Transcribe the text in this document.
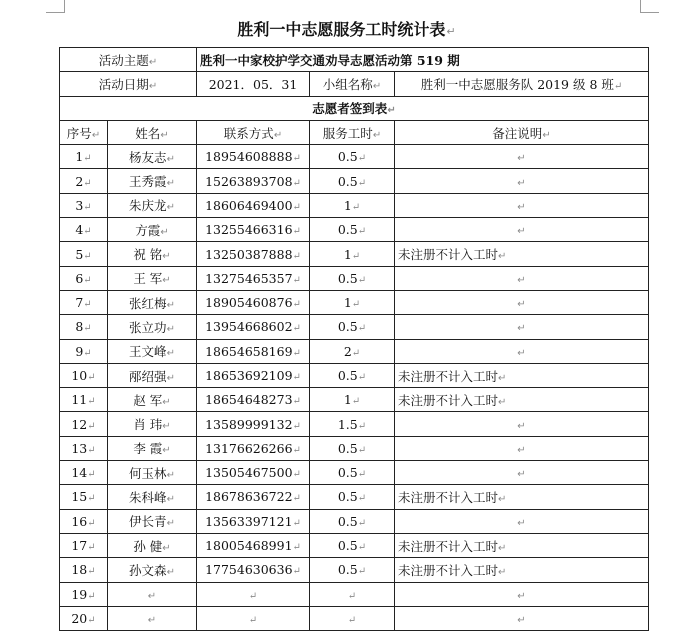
胜利一中志愿服务工时统计表↵
活动主题↵		胜利一中家校护学交通劝导志愿活动第 519 期		
活动日期↵		2021．05．31	小组名称↵	胜利一中志愿服务队 2019 级 8 班↵
志愿者签到表↵				
序号↵	姓名↵	联系方式↵	服务工时↵	备注说明↵
1↵	杨友志↵	18954608888↵	0.5↵	↵
2↵	王秀霞↵	15263893708↵	0.5↵	↵
3↵	朱庆龙↵	18606469400↵	1↵	↵
4↵	方霞↵	13255466316↵	0.5↵	↵
5↵	祝 铭↵	13250387888↵	1↵	未注册不计入工时↵
6↵	王 军↵	13275465357↵	0.5↵	↵
7↵	张红梅↵	18905460876↵	1↵	↵
8↵	张立功↵	13954668602↵	0.5↵	↵
9↵	王文峰↵	18654658169↵	2↵	↵
10↵	邴绍强↵	18653692109↵	0.5↵	未注册不计入工时↵
11↵	赵 军↵	18654648273↵	1↵	未注册不计入工时↵
12↵	肖 玮↵	13589999132↵	1.5↵	↵
13↵	李 霞↵	13176626266↵	0.5↵	↵
14↵	何玉林↵	13505467500↵	0.5↵	↵
15↵	朱科峰↵	18678636722↵	0.5↵	未注册不计入工时↵
16↵	伊长青↵	13563397121↵	0.5↵	↵
17↵	孙 健↵	18005468991↵	0.5↵	未注册不计入工时↵
18↵	孙文森↵	17754630636↵	0.5↵	未注册不计入工时↵
19↵	↵	↵	↵	↵
20↵	↵	↵	↵	↵
